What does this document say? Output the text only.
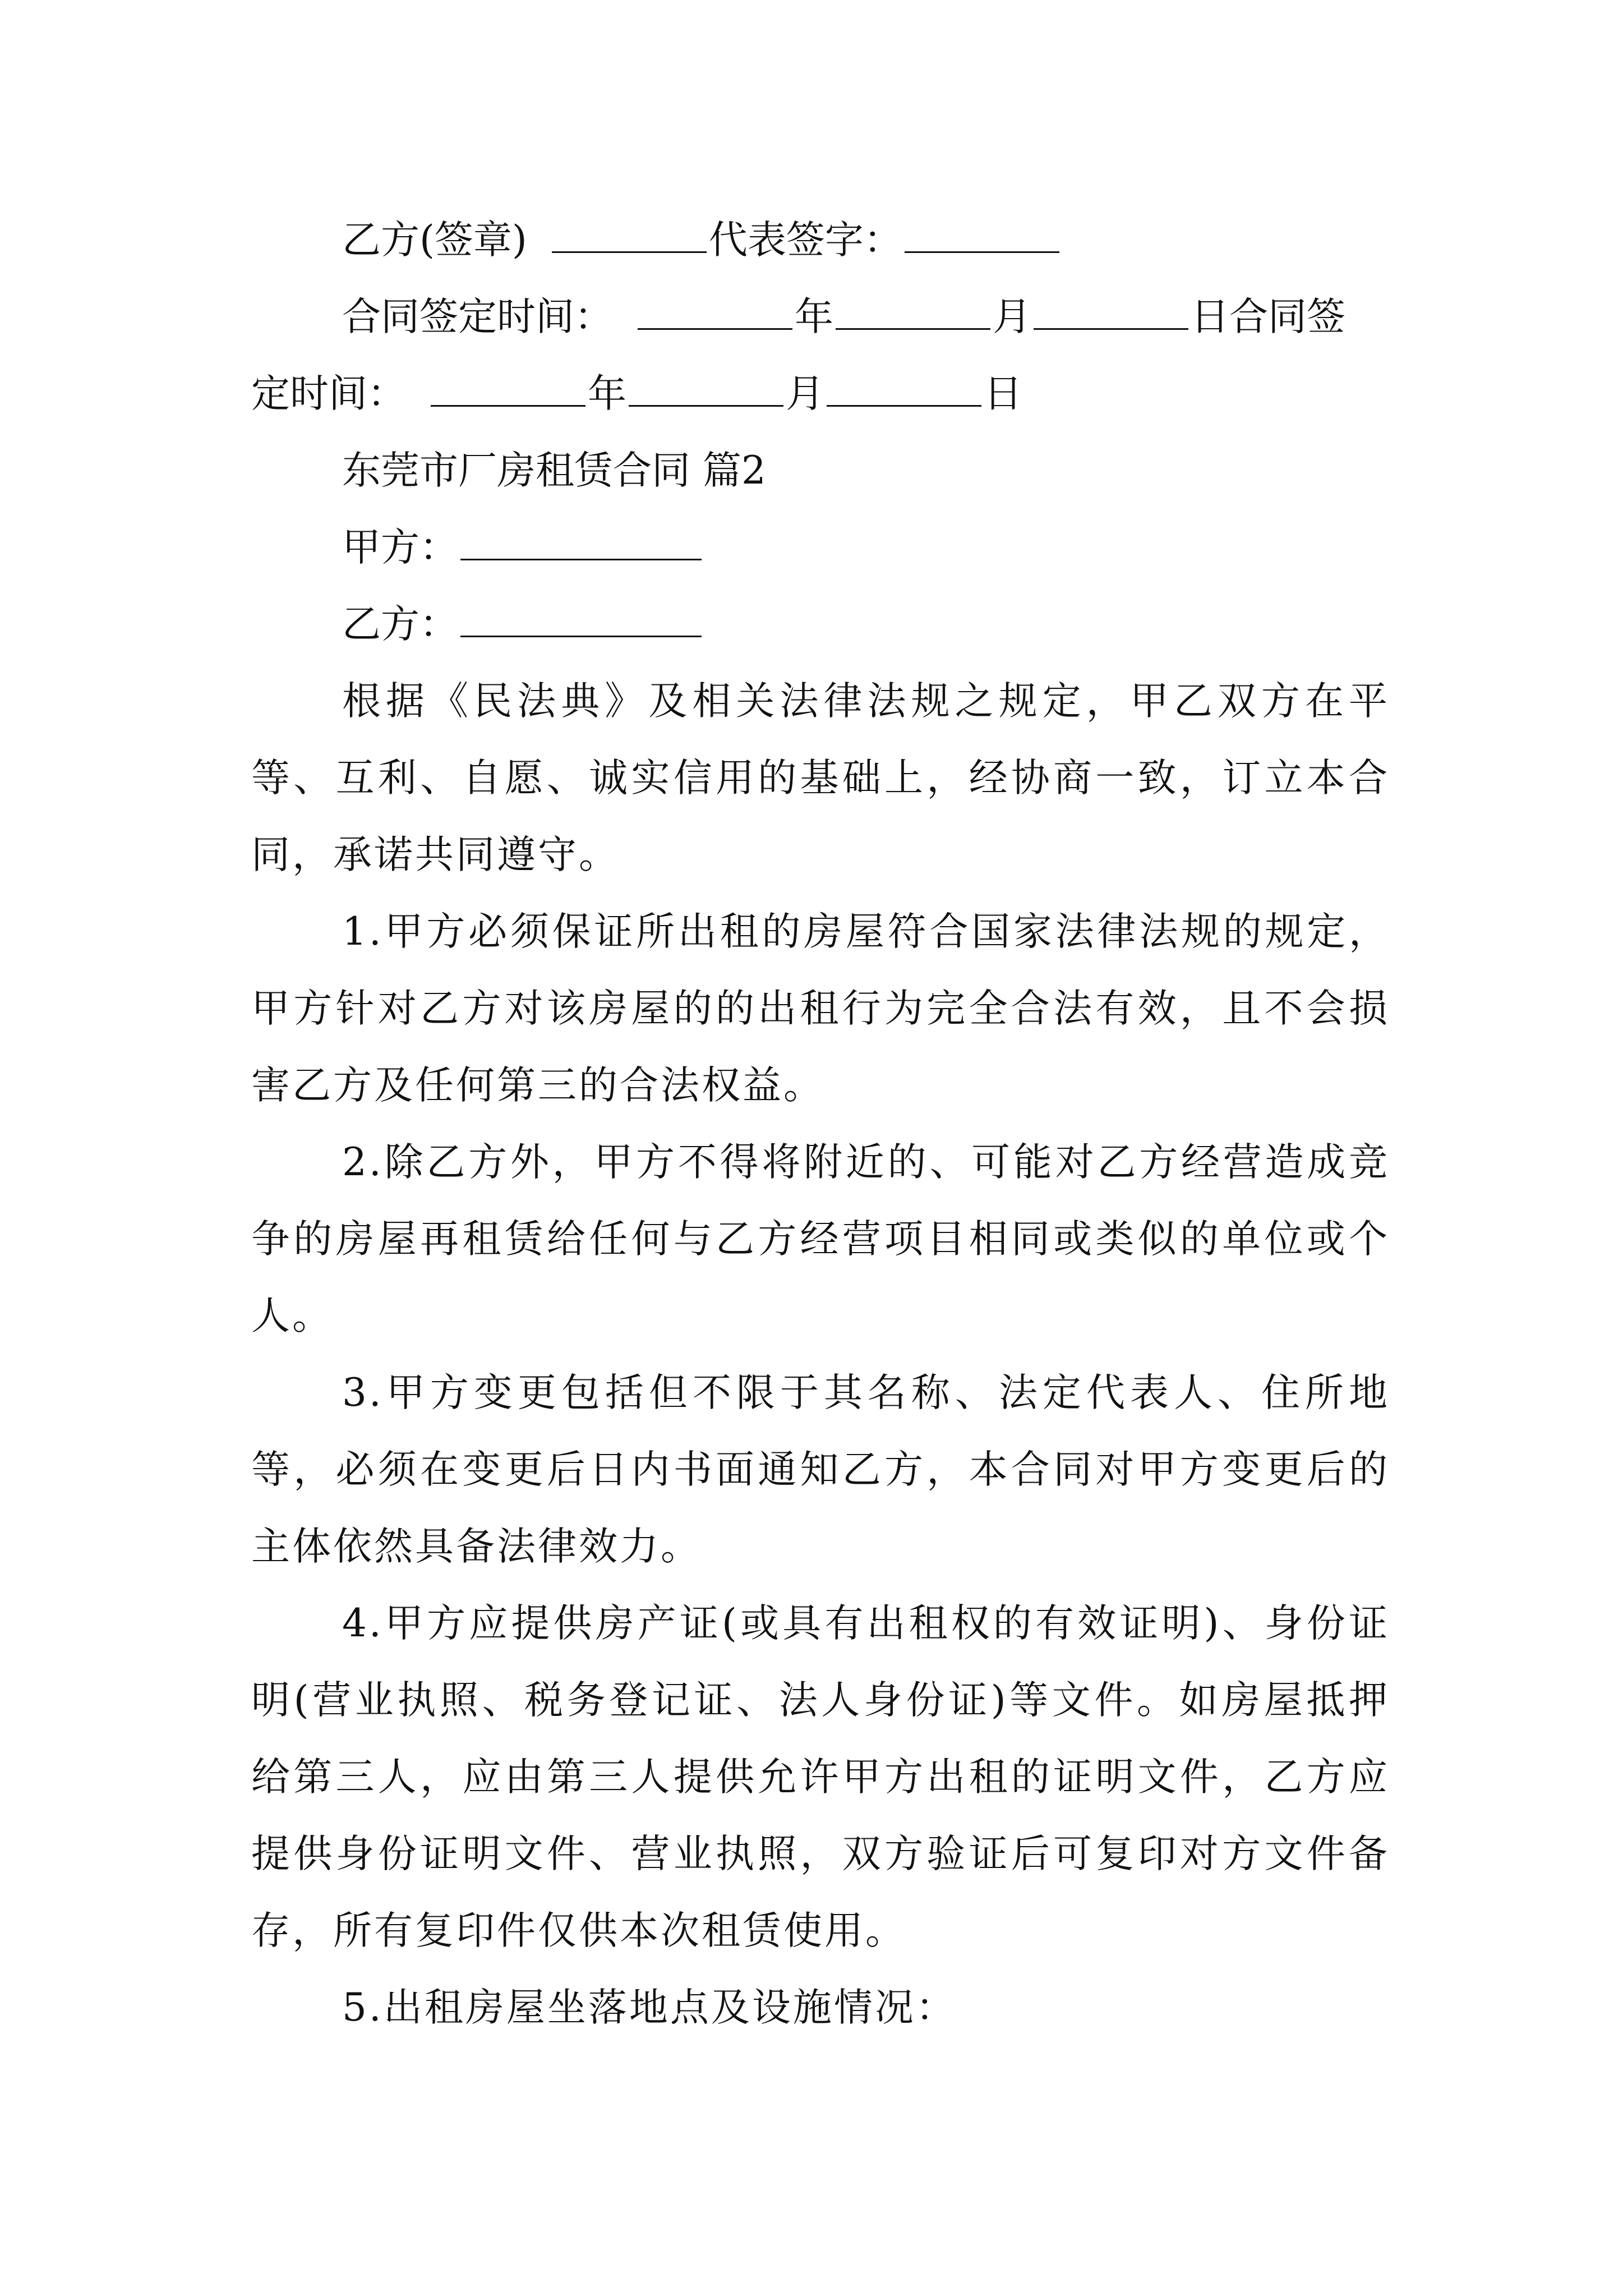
乙方(签章)	代表签字：

合同签定时间：	年	月	日合同签

定时间：	年	月	日

东莞市厂房租赁合同 篇2

甲方：

乙方：

根据《民法典》及相关法律法规之规定，甲乙双方在平等、互利、自愿、诚实信用的基础上，经协商一致，订立本合同，承诺共同遵守。

1.甲方必须保证所出租的房屋符合国家法律法规的规定，甲方针对乙方对该房屋的的出租行为完全合法有效，且不会损害乙方及任何第三的合法权益。

2.除乙方外，甲方不得将附近的、可能对乙方经营造成竞争的房屋再租赁给任何与乙方经营项目相同或类似的单位或个人。

3.甲方变更包括但不限于其名称、法定代表人、住所地等，必须在变更后日内书面通知乙方，本合同对甲方变更后的主体依然具备法律效力。

4.甲方应提供房产证(或具有出租权的有效证明)、身份证明(营业执照、税务登记证、法人身份证)等文件。如房屋抵押给第三人，应由第三人提供允许甲方出租的证明文件，乙方应提供身份证明文件、营业执照，双方验证后可复印对方文件备存，所有复印件仅供本次租赁使用。

5.出租房屋坐落地点及设施情况：
